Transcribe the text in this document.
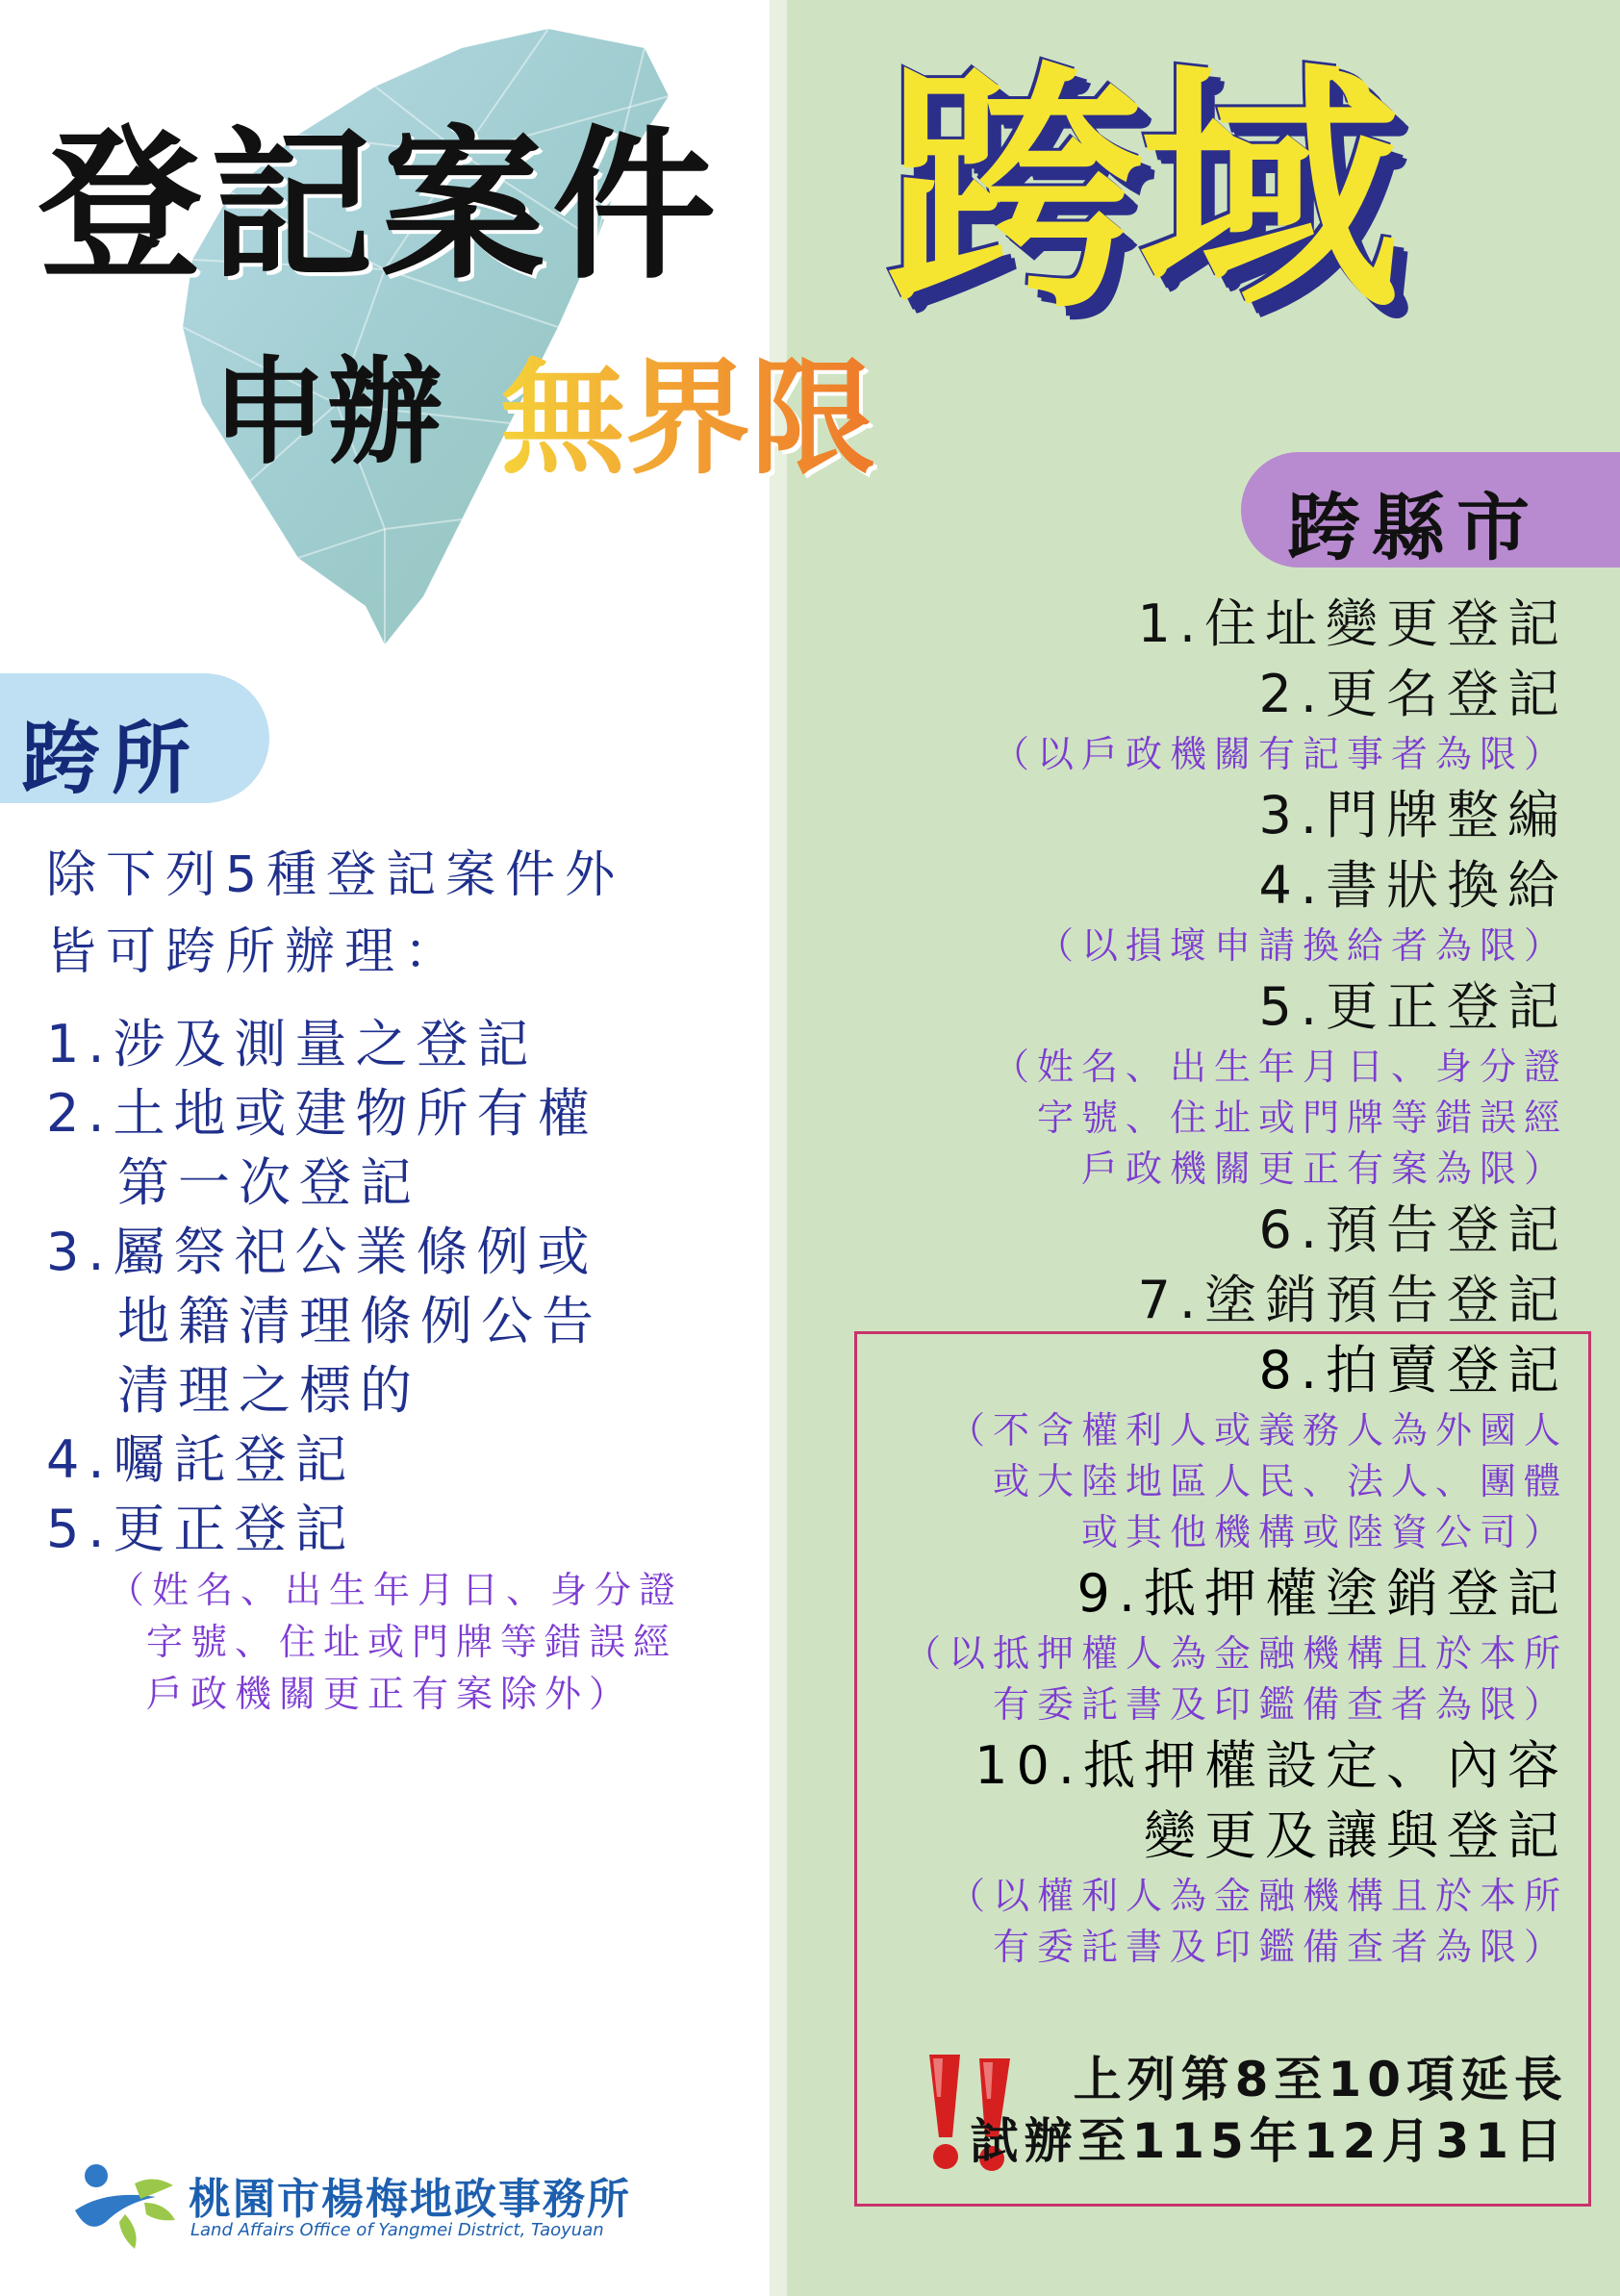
登記案件
申辦 無界限
跨域
跨縣市
跨所
除下列5種登記案件外
皆可跨所辦理：
1.涉及測量之登記
2.土地或建物所有權
第一次登記
3.屬祭祀公業條例或
地籍清理條例公告
清理之標的
4.囑託登記
5.更正登記
（姓名、出生年月日、身分證
字號、住址或門牌等錯誤經
戶政機關更正有案除外）
1.住址變更登記
2.更名登記
（以戶政機關有記事者為限）
3.門牌整編
4.書狀換給
（以損壞申請換給者為限）
5.更正登記
（姓名、出生年月日、身分證
字號、住址或門牌等錯誤經
戶政機關更正有案為限）
6.預告登記
7.塗銷預告登記
8.拍賣登記
（不含權利人或義務人為外國人
或大陸地區人民、法人、團體
或其他機構或陸資公司）
9.抵押權塗銷登記
（以抵押權人為金融機構且於本所
有委託書及印鑑備查者為限）
10.抵押權設定、內容
變更及讓與登記
（以權利人為金融機構且於本所
有委託書及印鑑備查者為限）
上列第8至10項延長
試辦至115年12月31日
桃園市楊梅地政事務所
Land Affairs Office of Yangmei District, Taoyuan
